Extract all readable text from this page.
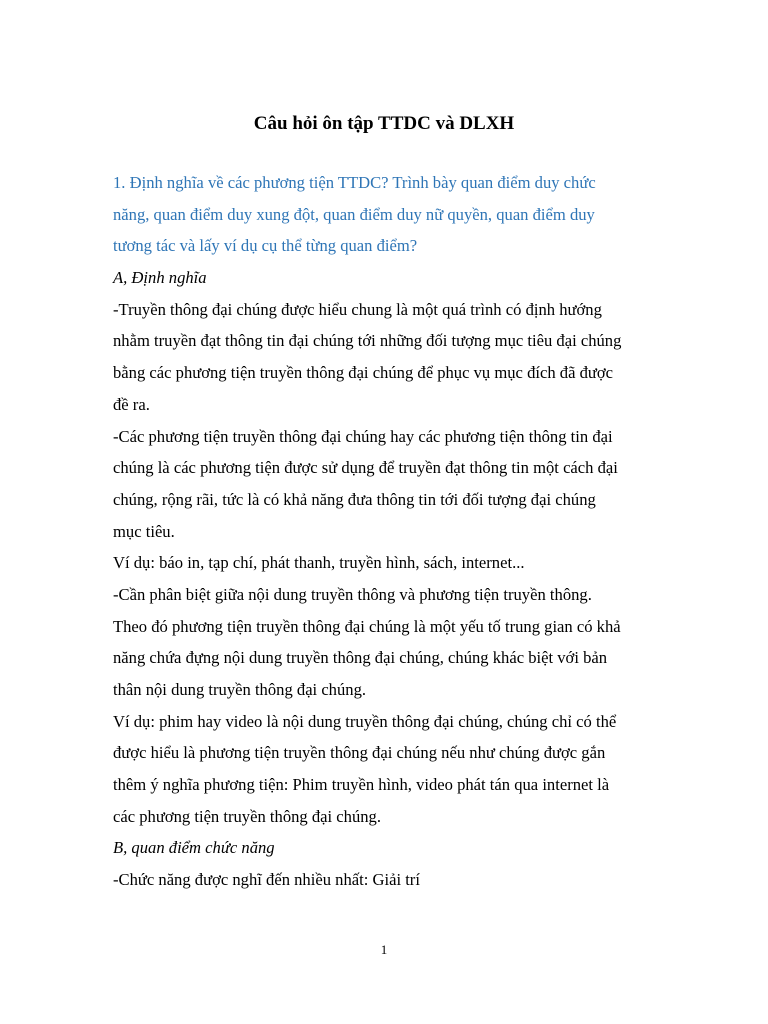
Câu hỏi ôn tập TTDC và DLXH
1. Định nghĩa về các phương tiện TTDC? Trình bày quan điểm duy chức
năng, quan điểm duy xung đột, quan điểm duy nữ quyền, quan điểm duy
tương tác và lấy ví dụ cụ thể từng quan điểm?
A, Định nghĩa
-Truyền thông đại chúng được hiểu chung là một quá trình có định hướng
nhằm truyền đạt thông tin đại chúng tới những đối tượng mục tiêu đại chúng
bằng các phương tiện truyền thông đại chúng để phục vụ mục đích đã được
đề ra.
-Các phương tiện truyền thông đại chúng hay các phương tiện thông tin đại
chúng là các phương tiện được sử dụng để truyền đạt thông tin một cách đại
chúng, rộng rãi, tức là có khả năng đưa thông tin tới đối tượng đại chúng
mục tiêu.
Ví dụ: báo in, tạp chí, phát thanh, truyền hình, sách, internet...
-Cần phân biệt giữa nội dung truyền thông và phương tiện truyền thông.
Theo đó phương tiện truyền thông đại chúng là một yếu tố trung gian có khả
năng chứa đựng nội dung truyền thông đại chúng, chúng khác biệt với bản
thân nội dung truyền thông đại chúng.
Ví dụ: phim hay video là nội dung truyền thông đại chúng, chúng chỉ có thể
được hiểu là phương tiện truyền thông đại chúng nếu như chúng được gắn
thêm ý nghĩa phương tiện: Phim truyền hình, video phát tán qua internet là
các phương tiện truyền thông đại chúng.
B, quan điểm chức năng
-Chức năng được nghĩ đến nhiều nhất: Giải trí
1
